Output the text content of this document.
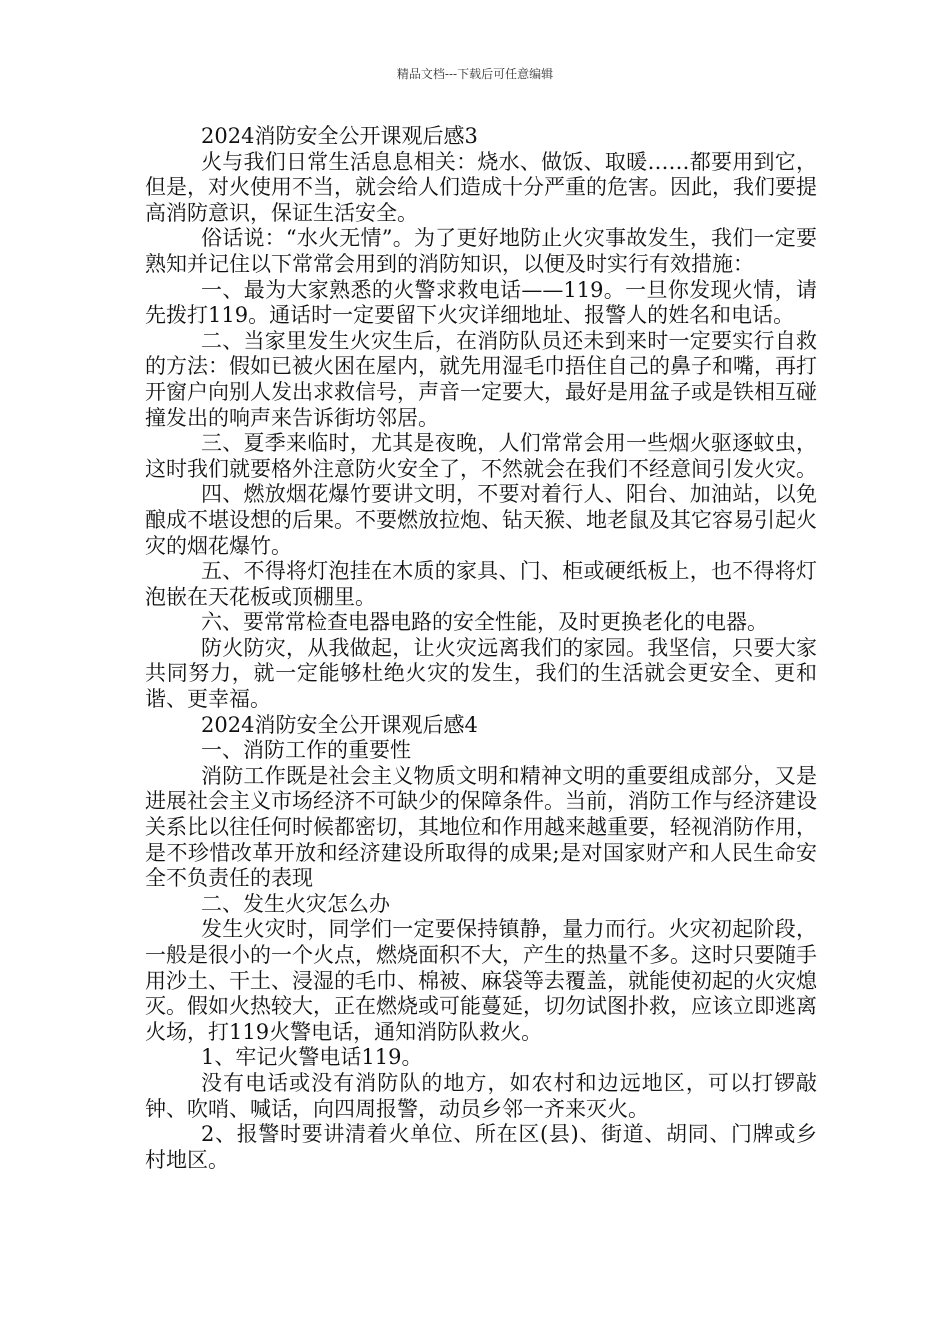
精品文档---下载后可任意编辑

2024消防安全公开课观后感3

火与我们日常生活息息相关：烧水、做饭、取暖……都要用到它，但是，对火使用不当，就会给人们造成十分严重的危害。因此，我们要提高消防意识，保证生活安全。

俗话说：“水火无情”。为了更好地防止火灾事故发生，我们一定要熟知并记住以下常常会用到的消防知识，以便及时实行有效措施：

一、最为大家熟悉的火警求救电话——119。一旦你发现火情，请先拨打119。通话时一定要留下火灾详细地址、报警人的姓名和电话。

二、当家里发生火灾生后，在消防队员还未到来时一定要实行自救的方法：假如已被火困在屋内，就先用湿毛巾捂住自己的鼻子和嘴，再打开窗户向别人发出求救信号，声音一定要大，最好是用盆子或是铁相互碰撞发出的响声来告诉街坊邻居。

三、夏季来临时，尤其是夜晚，人们常常会用一些烟火驱逐蚊虫，这时我们就要格外注意防火安全了，不然就会在我们不经意间引发火灾。

四、燃放烟花爆竹要讲文明，不要对着行人、阳台、加油站，以免酿成不堪设想的后果。不要燃放拉炮、钻天猴、地老鼠及其它容易引起火灾的烟花爆竹。

五、不得将灯泡挂在木质的家具、门、柜或硬纸板上，也不得将灯泡嵌在天花板或顶棚里。

六、要常常检查电器电路的安全性能，及时更换老化的电器。

防火防灾，从我做起，让火灾远离我们的家园。我坚信，只要大家共同努力，就一定能够杜绝火灾的发生，我们的生活就会更安全、更和谐、更幸福。

2024消防安全公开课观后感4

一、消防工作的重要性

消防工作既是社会主义物质文明和精神文明的重要组成部分，又是进展社会主义市场经济不可缺少的保障条件。当前，消防工作与经济建设关系比以往任何时候都密切，其地位和作用越来越重要，轻视消防作用，是不珍惜改革开放和经济建设所取得的成果;是对国家财产和人民生命安全不负责任的表现

二、发生火灾怎么办

发生火灾时，同学们一定要保持镇静，量力而行。火灾初起阶段，一般是很小的一个火点，燃烧面积不大，产生的热量不多。这时只要随手用沙土、干土、浸湿的毛巾、棉被、麻袋等去覆盖，就能使初起的火灾熄灭。假如火热较大，正在燃烧或可能蔓延，切勿试图扑救，应该立即逃离火场，打119火警电话，通知消防队救火。

1、牢记火警电话119。

没有电话或没有消防队的地方，如农村和边远地区，可以打锣敲钟、吹哨、喊话，向四周报警，动员乡邻一齐来灭火。

2、报警时要讲清着火单位、所在区(县)、街道、胡同、门牌或乡村地区。
